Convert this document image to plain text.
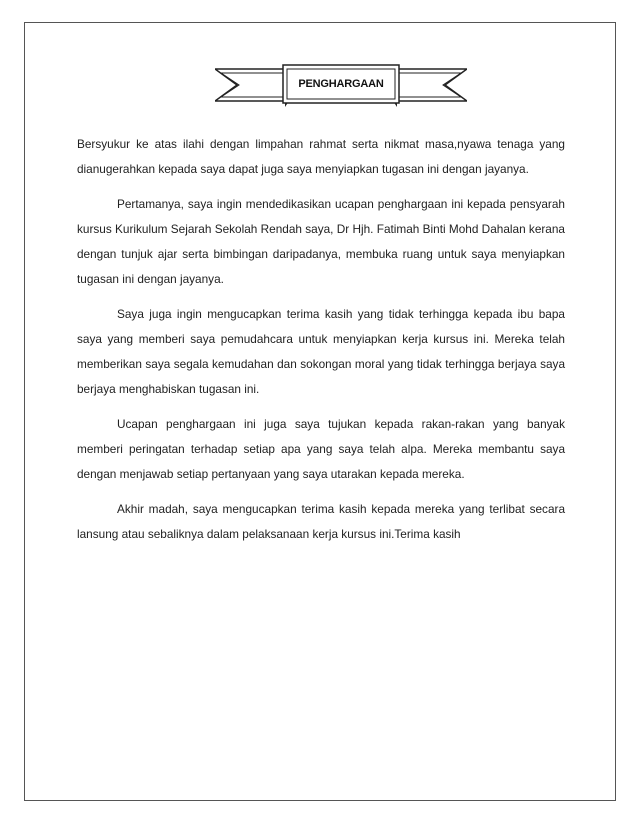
PENGHARGAAN

Bersyukur ke atas ilahi dengan limpahan rahmat serta nikmat masa,nyawa tenaga yang dianugerahkan kepada saya dapat juga saya menyiapkan tugasan ini dengan jayanya.

Pertamanya, saya ingin mendedikasikan ucapan penghargaan ini kepada pensyarah kursus Kurikulum Sejarah Sekolah Rendah saya, Dr Hjh. Fatimah Binti Mohd Dahalan kerana dengan tunjuk ajar serta bimbingan daripadanya, membuka ruang untuk saya menyiapkan tugasan ini dengan jayanya.

Saya juga ingin mengucapkan terima kasih yang tidak terhingga kepada ibu bapa saya yang memberi saya pemudahcara untuk menyiapkan kerja kursus ini. Mereka telah memberikan saya segala kemudahan dan sokongan moral yang tidak terhingga berjaya saya berjaya menghabiskan tugasan ini.

Ucapan penghargaan ini juga saya tujukan kepada rakan-rakan yang banyak memberi peringatan terhadap setiap apa yang saya telah alpa. Mereka membantu saya dengan menjawab setiap pertanyaan yang saya utarakan kepada mereka.

Akhir madah, saya mengucapkan terima kasih kepada mereka yang terlibat secara lansung atau sebaliknya dalam pelaksanaan kerja kursus ini.Terima kasih
